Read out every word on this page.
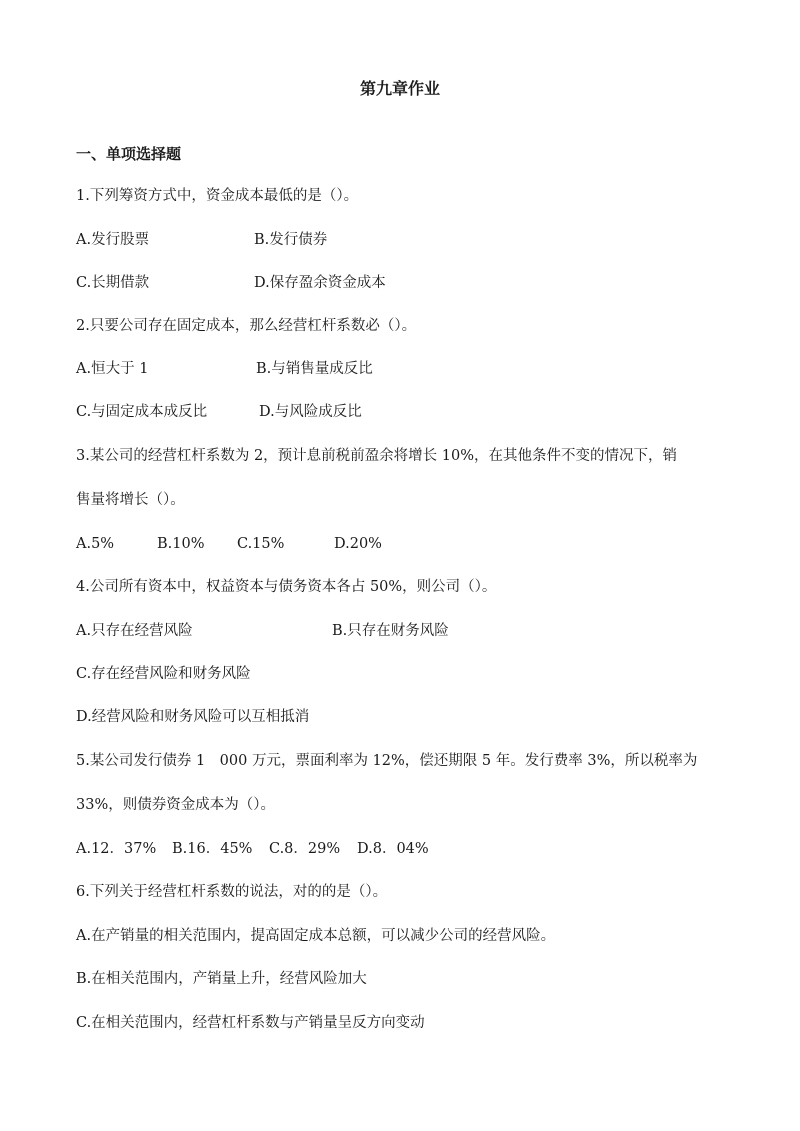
第九章作业
一、单项选择题
1.下列筹资方式中，资金成本最低的是（）。
A.发行股票	B.发行债券
C.长期借款	D.保存盈余资金成本
2.只要公司存在固定成本，那么经营杠杆系数必（）。
A.恒大于 1	B.与销售量成反比
C.与固定成本成反比	D.与风险成反比
3.某公司的经营杠杆系数为 2，预计息前税前盈余将增长 10%，在其他条件不变的情况下，销
售量将增长（）。
A.5%	B.10% C.15%	D.20%
4.公司所有资本中，权益资本与债务资本各占 50%，则公司（）。
A.只存在经营风险	B.只存在财务风险
C.存在经营风险和财务风险
D.经营风险和财务风险可以互相抵消
5.某公司发行债券 1　000 万元，票面利率为 12%，偿还期限 5 年。发行费率 3%，所以税率为
33%，则债券资金成本为（）。
A.12．37% B.16．45% C.8．29% D.8．04%
6.下列关于经营杠杆系数的说法，对的的是（）。
A.在产销量的相关范围内，提高固定成本总额，可以减少公司的经营风险。
B.在相关范围内，产销量上升，经营风险加大
C.在相关范围内，经营杠杆系数与产销量呈反方向变动
